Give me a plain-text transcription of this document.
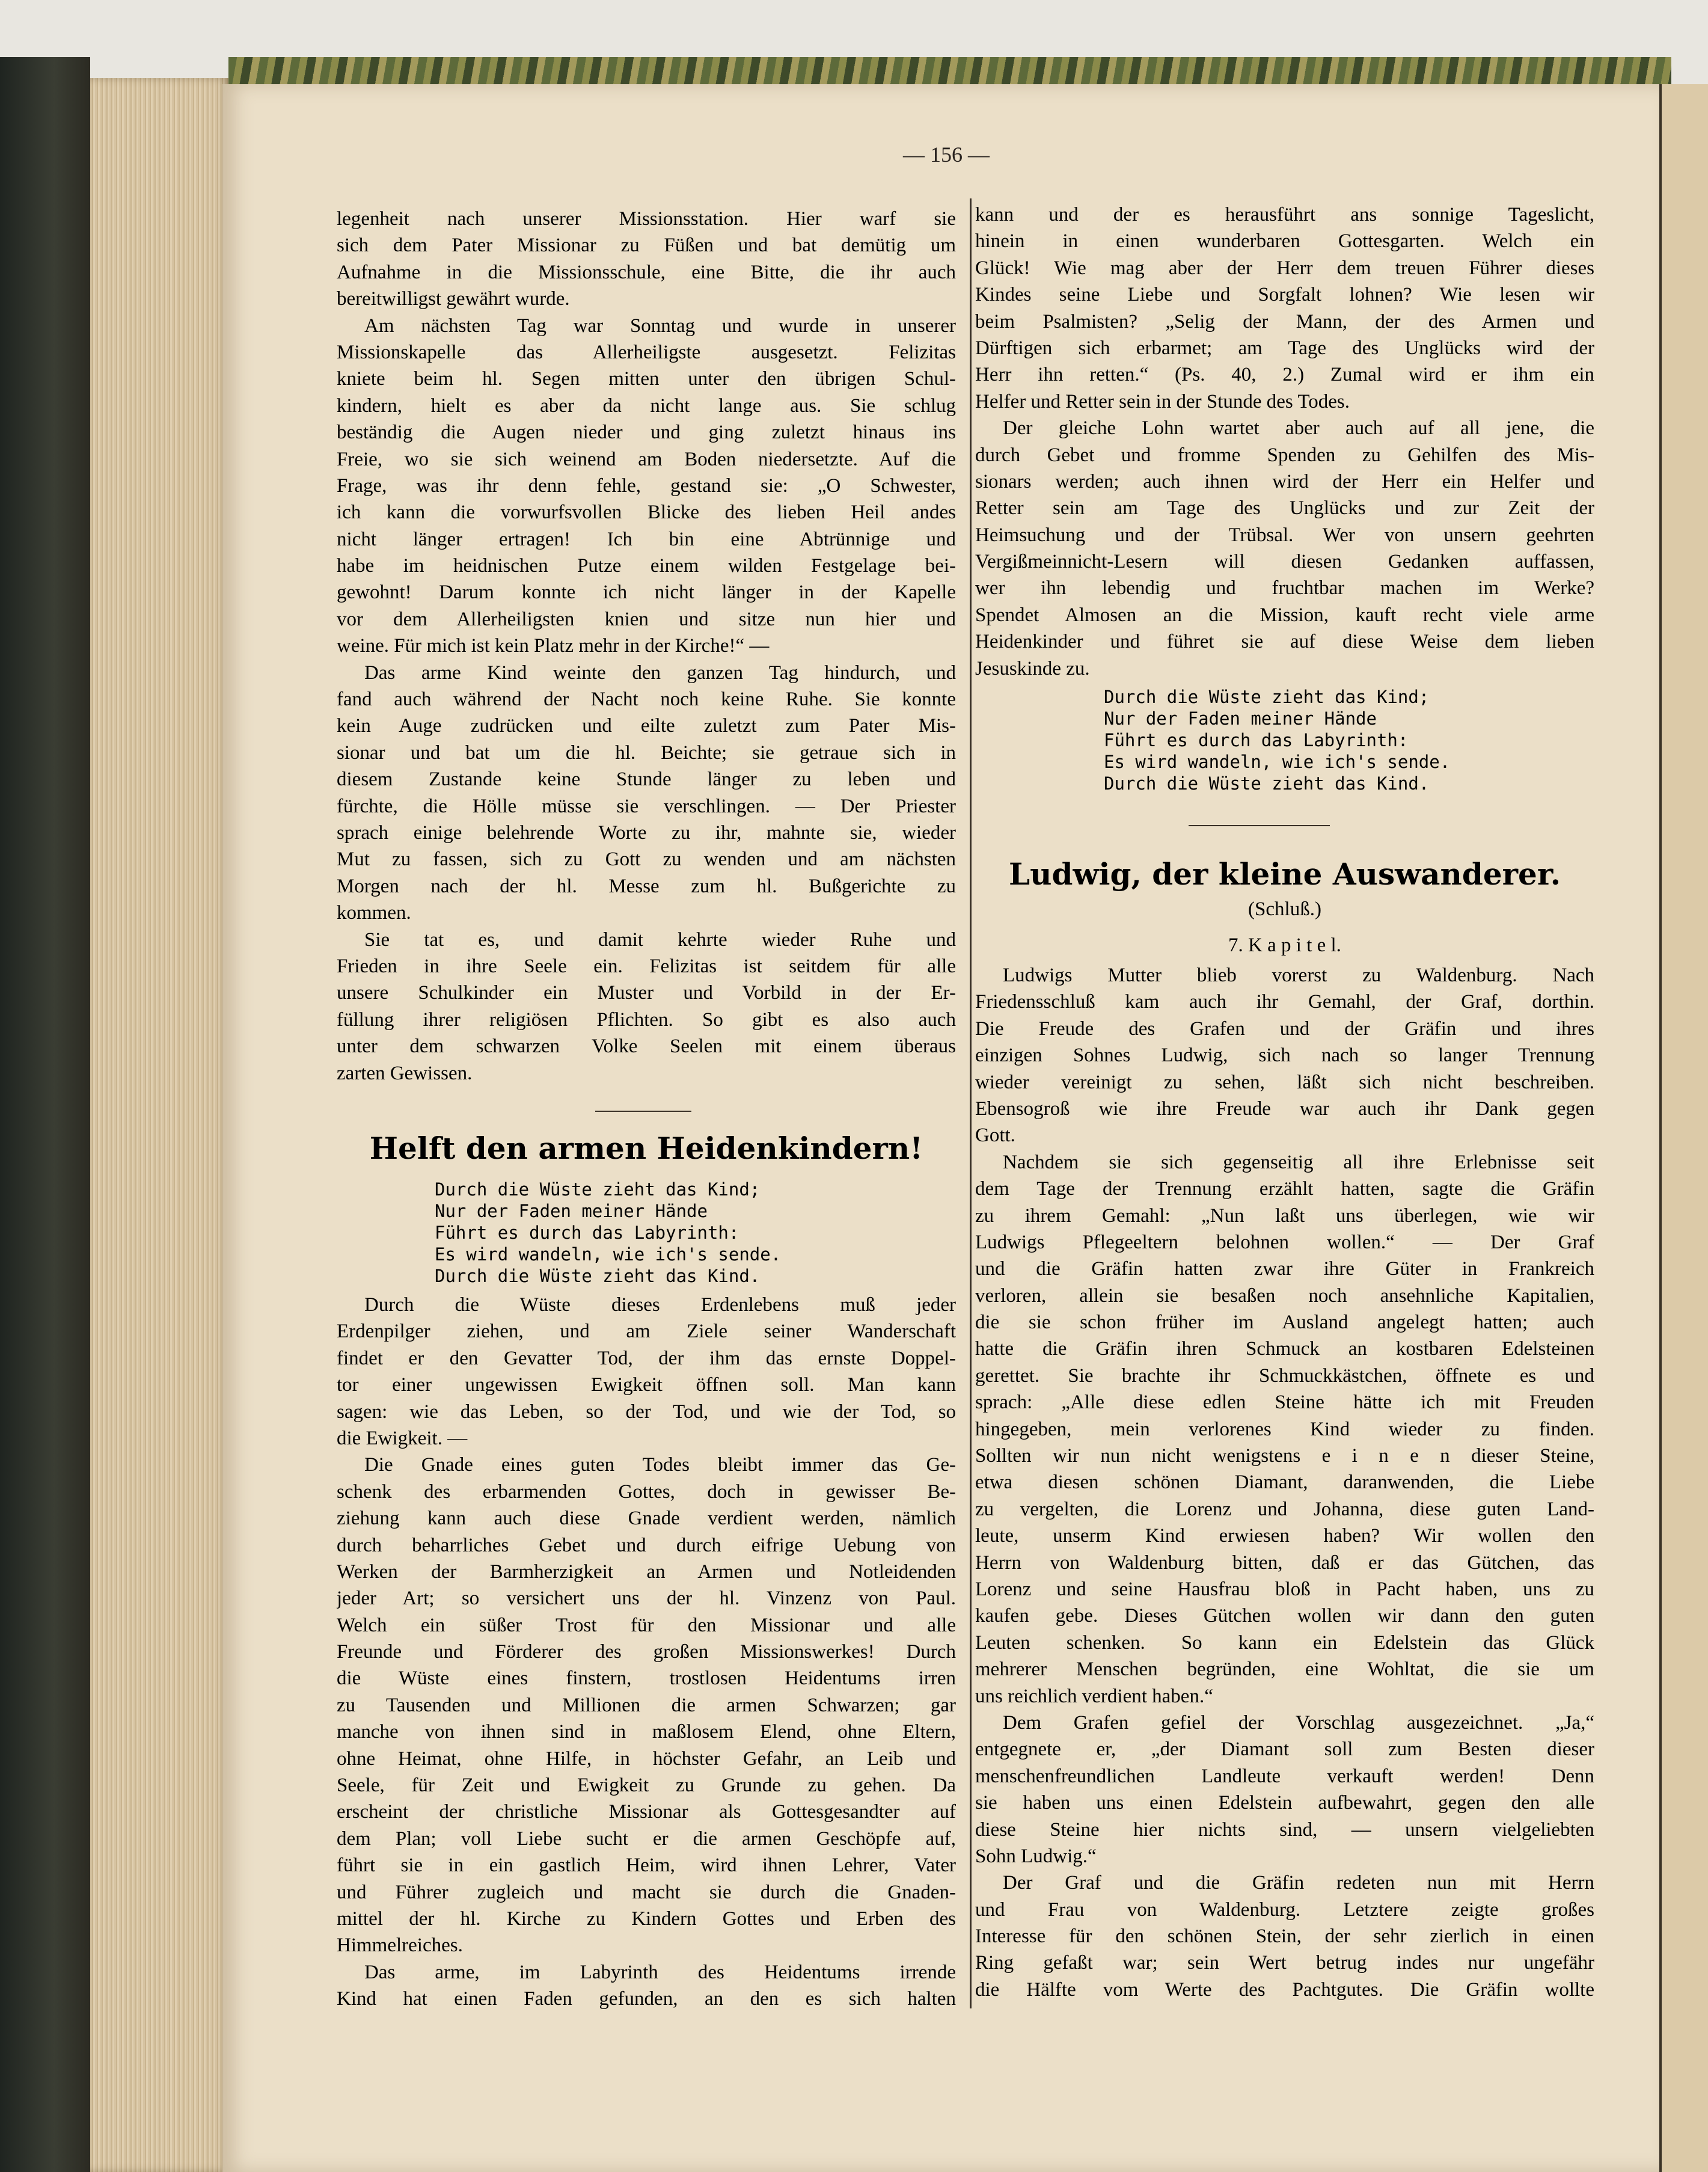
— 156 —
legenheit nach unserer Missionsstation. Hier warf sie
sich dem Pater Missionar zu Füßen und bat demütig um
Aufnahme in die Missionsschule, eine Bitte, die ihr auch
bereitwilligst gewährt wurde.
Am nächsten Tag war Sonntag und wurde in unserer
Missionskapelle das Allerheiligste ausgesetzt. Felizitas
kniete beim hl. Segen mitten unter den übrigen Schul-
kindern, hielt es aber da nicht lange aus. Sie schlug
beständig die Augen nieder und ging zuletzt hinaus ins
Freie, wo sie sich weinend am Boden niedersetzte. Auf die
Frage, was ihr denn fehle, gestand sie: „O Schwester,
ich kann die vorwurfsvollen Blicke des lieben Heil andes
nicht länger ertragen! Ich bin eine Abtrünnige und
habe im heidnischen Putze einem wilden Festgelage bei-
gewohnt! Darum konnte ich nicht länger in der Kapelle
vor dem Allerheiligsten knien und sitze nun hier und
weine. Für mich ist kein Platz mehr in der Kirche!“ —
Das arme Kind weinte den ganzen Tag hindurch, und
fand auch während der Nacht noch keine Ruhe. Sie konnte
kein Auge zudrücken und eilte zuletzt zum Pater Mis-
sionar und bat um die hl. Beichte; sie getraue sich in
diesem Zustande keine Stunde länger zu leben und
fürchte, die Hölle müsse sie verschlingen. — Der Priester
sprach einige belehrende Worte zu ihr, mahnte sie, wieder
Mut zu fassen, sich zu Gott zu wenden und am nächsten
Morgen nach der hl. Messe zum hl. Bußgerichte zu
kommen.
Sie tat es, und damit kehrte wieder Ruhe und
Frieden in ihre Seele ein. Felizitas ist seitdem für alle
unsere Schulkinder ein Muster und Vorbild in der Er-
füllung ihrer religiösen Pflichten. So gibt es also auch
unter dem schwarzen Volke Seelen mit einem überaus
zarten Gewissen.
Helft den armen Heidenkindern!
Durch die Wüste zieht das Kind;
Nur der Faden meiner Hände
Führt es durch das Labyrinth:
Es wird wandeln, wie ich's sende.
Durch die Wüste zieht das Kind.
Durch die Wüste dieses Erdenlebens muß jeder
Erdenpilger ziehen, und am Ziele seiner Wanderschaft
findet er den Gevatter Tod, der ihm das ernste Doppel-
tor einer ungewissen Ewigkeit öffnen soll. Man kann
sagen: wie das Leben, so der Tod, und wie der Tod, so
die Ewigkeit. —
Die Gnade eines guten Todes bleibt immer das Ge-
schenk des erbarmenden Gottes, doch in gewisser Be-
ziehung kann auch diese Gnade verdient werden, nämlich
durch beharrliches Gebet und durch eifrige Uebung von
Werken der Barmherzigkeit an Armen und Notleidenden
jeder Art; so versichert uns der hl. Vinzenz von Paul.
Welch ein süßer Trost für den Missionar und alle
Freunde und Förderer des großen Missionswerkes! Durch
die Wüste eines finstern, trostlosen Heidentums irren
zu Tausenden und Millionen die armen Schwarzen; gar
manche von ihnen sind in maßlosem Elend, ohne Eltern,
ohne Heimat, ohne Hilfe, in höchster Gefahr, an Leib und
Seele, für Zeit und Ewigkeit zu Grunde zu gehen. Da
erscheint der christliche Missionar als Gottesgesandter auf
dem Plan; voll Liebe sucht er die armen Geschöpfe auf,
führt sie in ein gastlich Heim, wird ihnen Lehrer, Vater
und Führer zugleich und macht sie durch die Gnaden-
mittel der hl. Kirche zu Kindern Gottes und Erben des
Himmelreiches.
Das arme, im Labyrinth des Heidentums irrende
Kind hat einen Faden gefunden, an den es sich halten
kann und der es herausführt ans sonnige Tageslicht,
hinein in einen wunderbaren Gottesgarten. Welch ein
Glück! Wie mag aber der Herr dem treuen Führer dieses
Kindes seine Liebe und Sorgfalt lohnen? Wie lesen wir
beim Psalmisten? „Selig der Mann, der des Armen und
Dürftigen sich erbarmet; am Tage des Unglücks wird der
Herr ihn retten.“ (Ps. 40, 2.) Zumal wird er ihm ein
Helfer und Retter sein in der Stunde des Todes.
Der gleiche Lohn wartet aber auch auf all jene, die
durch Gebet und fromme Spenden zu Gehilfen des Mis-
sionars werden; auch ihnen wird der Herr ein Helfer und
Retter sein am Tage des Unglücks und zur Zeit der
Heimsuchung und der Trübsal. Wer von unsern geehrten
Vergißmeinnicht-Lesern will diesen Gedanken auffassen,
wer ihn lebendig und fruchtbar machen im Werke?
Spendet Almosen an die Mission, kauft recht viele arme
Heidenkinder und führet sie auf diese Weise dem lieben
Jesuskinde zu.
Durch die Wüste zieht das Kind;
Nur der Faden meiner Hände
Führt es durch das Labyrinth:
Es wird wandeln, wie ich's sende.
Durch die Wüste zieht das Kind.
Ludwig, der kleine Auswanderer.
(Schluß.)
7. K a p i t e l.
Ludwigs Mutter blieb vorerst zu Waldenburg. Nach
Friedensschluß kam auch ihr Gemahl, der Graf, dorthin.
Die Freude des Grafen und der Gräfin und ihres
einzigen Sohnes Ludwig, sich nach so langer Trennung
wieder vereinigt zu sehen, läßt sich nicht beschreiben.
Ebensogroß wie ihre Freude war auch ihr Dank gegen
Gott.
Nachdem sie sich gegenseitig all ihre Erlebnisse seit
dem Tage der Trennung erzählt hatten, sagte die Gräfin
zu ihrem Gemahl: „Nun laßt uns überlegen, wie wir
Ludwigs Pflegeeltern belohnen wollen.“ — Der Graf
und die Gräfin hatten zwar ihre Güter in Frankreich
verloren, allein sie besaßen noch ansehnliche Kapitalien,
die sie schon früher im Ausland angelegt hatten; auch
hatte die Gräfin ihren Schmuck an kostbaren Edelsteinen
gerettet. Sie brachte ihr Schmuckkästchen, öffnete es und
sprach: „Alle diese edlen Steine hätte ich mit Freuden
hingegeben, mein verlorenes Kind wieder zu finden.
Sollten wir nun nicht wenigstens e i n e n dieser Steine,
etwa diesen schönen Diamant, daranwenden, die Liebe
zu vergelten, die Lorenz und Johanna, diese guten Land-
leute, unserm Kind erwiesen haben? Wir wollen den
Herrn von Waldenburg bitten, daß er das Gütchen, das
Lorenz und seine Hausfrau bloß in Pacht haben, uns zu
kaufen gebe. Dieses Gütchen wollen wir dann den guten
Leuten schenken. So kann ein Edelstein das Glück
mehrerer Menschen begründen, eine Wohltat, die sie um
uns reichlich verdient haben.“
Dem Grafen gefiel der Vorschlag ausgezeichnet. „Ja,“
entgegnete er, „der Diamant soll zum Besten dieser
menschenfreundlichen Landleute verkauft werden! Denn
sie haben uns einen Edelstein aufbewahrt, gegen den alle
diese Steine hier nichts sind, — unsern vielgeliebten
Sohn Ludwig.“
Der Graf und die Gräfin redeten nun mit Herrn
und Frau von Waldenburg. Letztere zeigte großes
Interesse für den schönen Stein, der sehr zierlich in einen
Ring gefaßt war; sein Wert betrug indes nur ungefähr
die Hälfte vom Werte des Pachtgutes. Die Gräfin wollte
